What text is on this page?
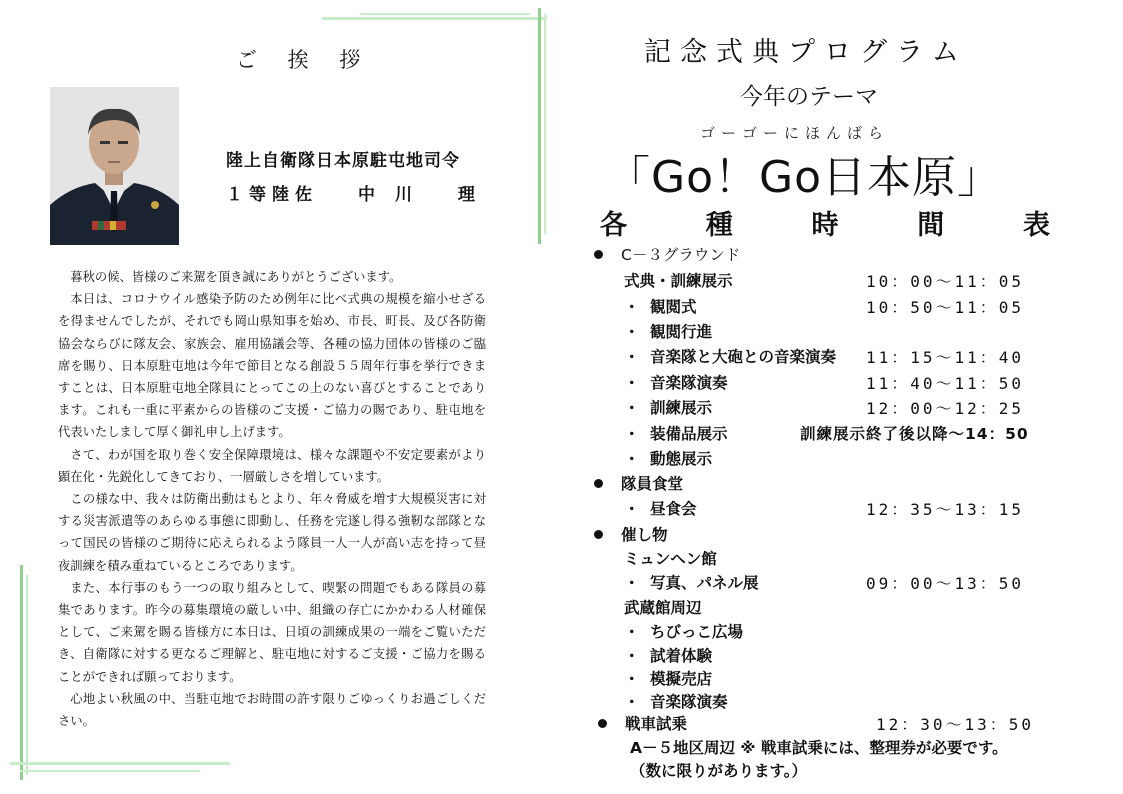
ご 挨 拶
陸上自衛隊日本原駐屯地司令
１等陸佐 中川 理

暮秋の候、皆様のご来駕を頂き誠にありがとうございます。

本日は、コロナウイル感染予防のため例年に比べ式典の規模を縮小せざるを得ませんでしたが、それでも岡山県知事を始め、市長、町長、及び各防衛協会ならびに隊友会、家族会、雇用協議会等、各種の協力団体の皆様のご臨席を賜り、日本原駐屯地は今年で節目となる創設５５周年行事を挙行できますことは、日本原駐屯地全隊員にとってこの上のない喜びとすることであります。これも一重に平素からの皆様のご支援・ご協力の賜であり、駐屯地を代表いたしまして厚く御礼申し上げます。

さて、わが国を取り巻く安全保障環境は、様々な課題や不安定要素がより顕在化・先鋭化してきており、一層厳しさを増しています。

この様な中、我々は防衛出動はもとより、年々脅威を増す大規模災害に対する災害派遣等のあらゆる事態に即動し、任務を完遂し得る強靭な部隊となって国民の皆様のご期待に応えられるよう隊員一人一人が高い志を持って昼夜訓練を積み重ねているところであります。

また、本行事のもう一つの取り組みとして、喫緊の問題でもある隊員の募集であります。昨今の募集環境の厳しい中、組織の存亡にかかわる人材確保として、ご来駕を賜る皆様方に本日は、日頃の訓練成果の一端をご覧いただき、自衛隊に対する更なるご理解と、駐屯地に対するご支援・ご協力を賜ることができれば願っております。

心地よい秋風の中、当駐屯地でお時間の許す限りごゆっくりお過ごしください。

記念式典プログラム
今年のテーマ
ゴーゴーにほんばら
「Go！Go日本原」
各	種	時	間	表
C－３グラウンド
式典・訓練展示	10：00～11：05
・ 観閲式	10：50～11：05
・ 観閲行進
・ 音楽隊と大砲との音楽演奏 11：15～11：40
・ 音楽隊演奏	11：40～11：50
・ 訓練展示	12：00～12：25
・ 装備品展示	訓練展示終了後以降～14：50
・ 動態展示
隊員食堂
・ 昼食会	12：35～13：15
催し物
ミュンヘン館
・ 写真、パネル展	09：00～13：50
武蔵館周辺
・ ちびっこ広場
・ 試着体験
・ 模擬売店
・ 音楽隊演奏
戦車試乗	12：30～13：50
A－５地区周辺 ※ 戦車試乗には、整理券が必要です。
（数に限りがあります。）
